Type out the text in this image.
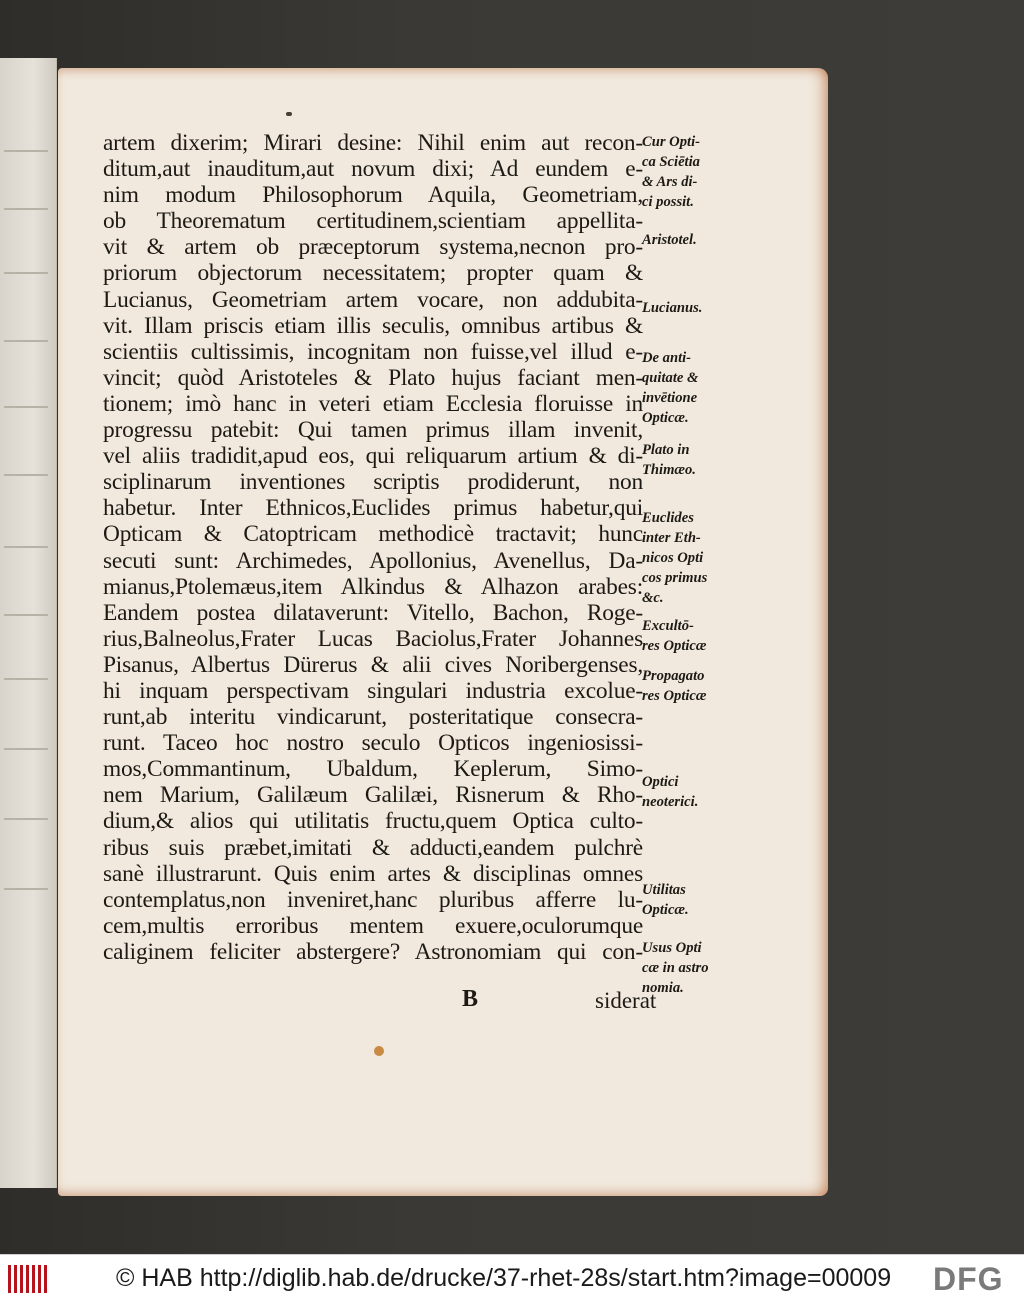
artem dixerim; Mirari desine: Nihil enim aut recon-
ditum,aut inauditum,aut novum dixi; Ad eundem e-
nim modum Philosophorum Aquila, Geometriam,
ob Theorematum certitudinem,scientiam appellita-
vit & artem ob præceptorum systema,necnon pro-
priorum objectorum necessitatem; propter quam &
Lucianus, Geometriam artem vocare, non addubita-
vit. Illam priscis etiam illis seculis, omnibus artibus &
scientiis cultissimis, incognitam non fuisse,vel illud e-
vincit; quòd Aristoteles & Plato hujus faciant men-
tionem; imò hanc in veteri etiam Ecclesia floruisse in
progressu patebit: Qui tamen primus illam invenit,
vel aliis tradidit,apud eos, qui reliquarum artium & di-
sciplinarum inventiones scriptis prodiderunt, non
habetur. Inter Ethnicos,Euclides primus habetur,qui
Opticam & Catoptricam methodicè tractavit; hunc
secuti sunt: Archimedes, Apollonius, Avenellus, Da-
mianus,Ptolemæus,item Alkindus & Alhazon arabes:
Eandem postea dilataverunt: Vitello, Bachon, Roge-
rius,Balneolus,Frater Lucas Baciolus,Frater Johannes
Pisanus, Albertus Dürerus & alii cives Noribergenses,
hi inquam perspectivam singulari industria excolue-
runt,ab interitu vindicarunt, posteritatique consecra-
runt. Taceo hoc nostro seculo Opticos ingeniosissi-
mos,Commantinum, Ubaldum, Keplerum, Simo-
nem Marium, Galilæum Galilæi, Risnerum & Rho-
dium,& alios qui utilitatis fructu,quem Optica culto-
ribus suis præbet,imitati & adducti,eandem pulchrè
sanè illustrarunt. Quis enim artes & disciplinas omnes
contemplatus,non inveniret,hanc pluribus afferre lu-
cem,multis erroribus mentem exuere,oculorumque
caliginem feliciter abstergere? Astronomiam qui con-
Cur Opti-
ca Sciētia
& Ars di-
ci possit.
Aristotel.
Lucianus.
De anti-
quitate &
invētione
Opticæ.
Plato in
Thimæo.
Euclides
inter Eth-
nicos Opti
cos primus
&c.
Excultō-
res Opticæ
Propagato
res Opticæ
Optici
neoterici.
Utilitas
Opticæ.
Usus Opti
cæ in astro
nomia.
B	siderat
© HAB http://diglib.hab.de/drucke/37-rhet-28s/start.htm?image=00009 DFG
